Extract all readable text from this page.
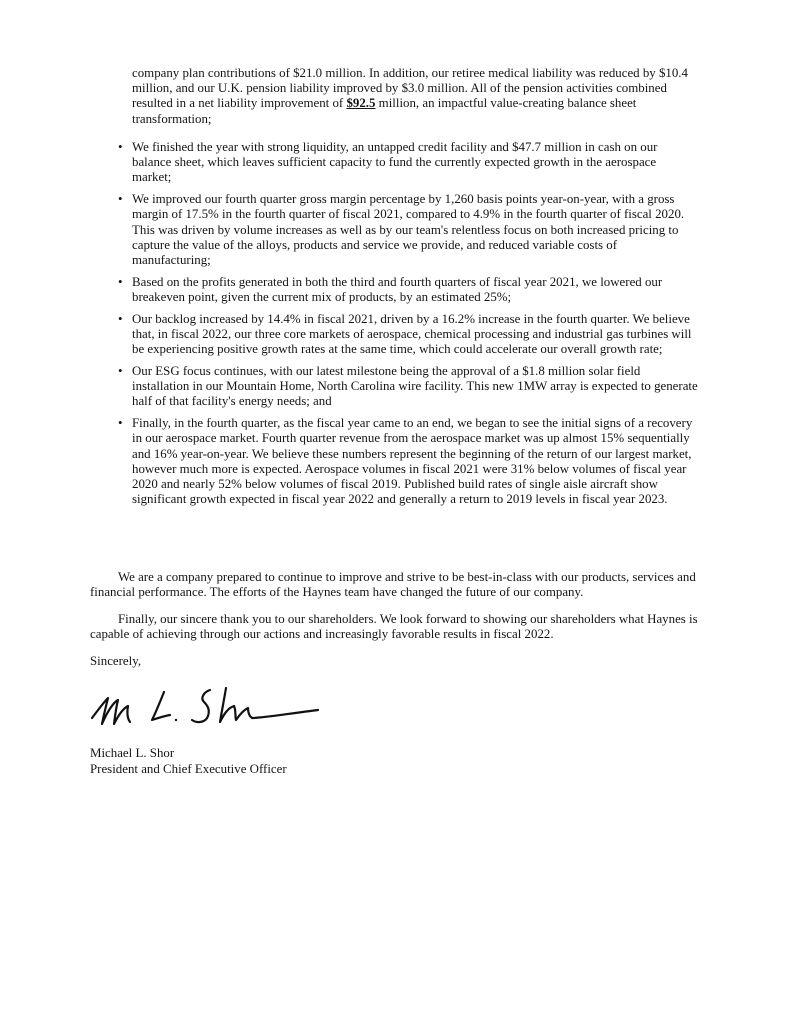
company plan contributions of $21.0 million. In addition, our retiree medical liability was reduced by $10.4 million, and our U.K. pension liability improved by $3.0 million. All of the pension activities combined resulted in a net liability improvement of $92.5 million, an impactful value-creating balance sheet transformation;

• We finished the year with strong liquidity, an untapped credit facility and $47.7 million in cash on our balance sheet, which leaves sufficient capacity to fund the currently expected growth in the aerospace market;
• We improved our fourth quarter gross margin percentage by 1,260 basis points year-on-year, with a gross margin of 17.5% in the fourth quarter of fiscal 2021, compared to 4.9% in the fourth quarter of fiscal 2020. This was driven by volume increases as well as by our team's relentless focus on both increased pricing to capture the value of the alloys, products and service we provide, and reduced variable costs of manufacturing;
• Based on the profits generated in both the third and fourth quarters of fiscal year 2021, we lowered our breakeven point, given the current mix of products, by an estimated 25%;
• Our backlog increased by 14.4% in fiscal 2021, driven by a 16.2% increase in the fourth quarter. We believe that, in fiscal 2022, our three core markets of aerospace, chemical processing and industrial gas turbines will be experiencing positive growth rates at the same time, which could accelerate our overall growth rate;
• Our ESG focus continues, with our latest milestone being the approval of a $1.8 million solar field installation in our Mountain Home, North Carolina wire facility. This new 1MW array is expected to generate half of that facility's energy needs; and
• Finally, in the fourth quarter, as the fiscal year came to an end, we began to see the initial signs of a recovery in our aerospace market. Fourth quarter revenue from the aerospace market was up almost 15% sequentially and 16% year-on-year. We believe these numbers represent the beginning of the return of our largest market, however much more is expected. Aerospace volumes in fiscal 2021 were 31% below volumes of fiscal year 2020 and nearly 52% below volumes of fiscal 2019. Published build rates of single aisle aircraft show significant growth expected in fiscal year 2022 and generally a return to 2019 levels in fiscal year 2023.

We are a company prepared to continue to improve and strive to be best-in-class with our products, services and financial performance. The efforts of the Haynes team have changed the future of our company.

Finally, our sincere thank you to our shareholders. We look forward to showing our shareholders what Haynes is capable of achieving through our actions and increasingly favorable results in fiscal 2022.

Sincerely,

Michael L. Shor

President and Chief Executive Officer
